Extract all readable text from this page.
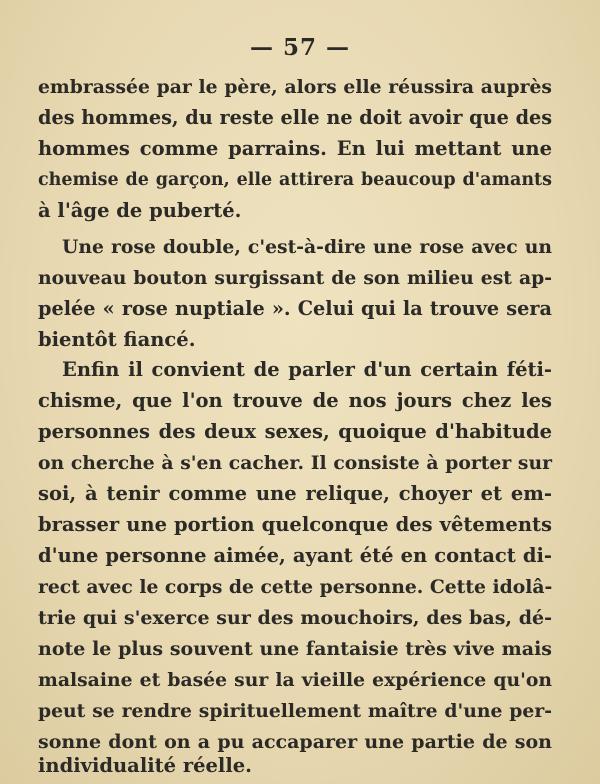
— 57 —
embrassée par le père, alors elle réussira auprès
des hommes, du reste elle ne doit avoir que des
hommes comme parrains. En lui mettant une
chemise de garçon, elle attirera beaucoup d'amants
à l'âge de puberté.
Une rose double, c'est-à-dire une rose avec un
nouveau bouton surgissant de son milieu est ap-
pelée « rose nuptiale ». Celui qui la trouve sera
bientôt fiancé.
Enfin il convient de parler d'un certain féti-
chisme, que l'on trouve de nos jours chez les
personnes des deux sexes, quoique d'habitude
on cherche à s'en cacher. Il consiste à porter sur
soi, à tenir comme une relique, choyer et em-
brasser une portion quelconque des vêtements
d'une personne aimée, ayant été en contact di-
rect avec le corps de cette personne. Cette idolâ-
trie qui s'exerce sur des mouchoirs, des bas, dé-
note le plus souvent une fantaisie très vive mais
malsaine et basée sur la vieille expérience qu'on
peut se rendre spirituellement maître d'une per-
sonne dont on a pu accaparer une partie de son
individualité réelle.
